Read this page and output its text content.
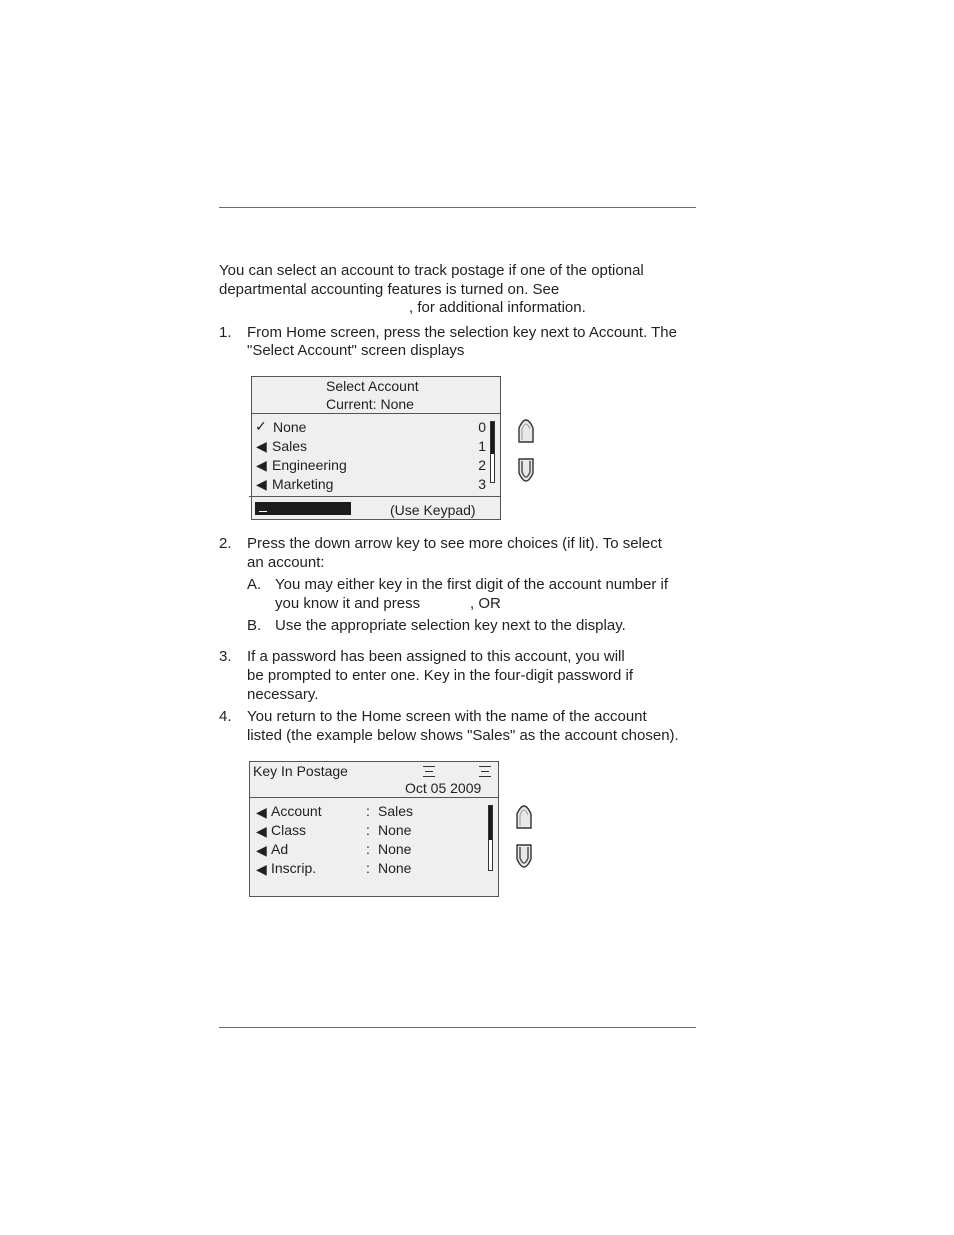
You can select an account to track postage if one of the optional
departmental accounting features is turned on. See
, for additional information.
1. From Home screen, press the selection key next to Account. The
"Select Account" screen displays
Select Account
Current: None
✓ None	0
◀ Sales	1
◀ Engineering	2
◀ Marketing	3
(Use Keypad)
2. Press the down arrow key to see more choices (if lit). To select
an account:
A. You may either key in the first digit of the account number if
you know it and press	, OR
B. Use the appropriate selection key next to the display.
3. If a password has been assigned to this account, you will
be prompted to enter one. Key in the four-digit password if
necessary.
4. You return to the Home screen with the name of the account
listed (the example below shows "Sales" as the account chosen).
Key In Postage
Oct 05 2009
◀ Account	: Sales
◀ Class	: None
◀ Ad	: None
◀ Inscrip.	: None
